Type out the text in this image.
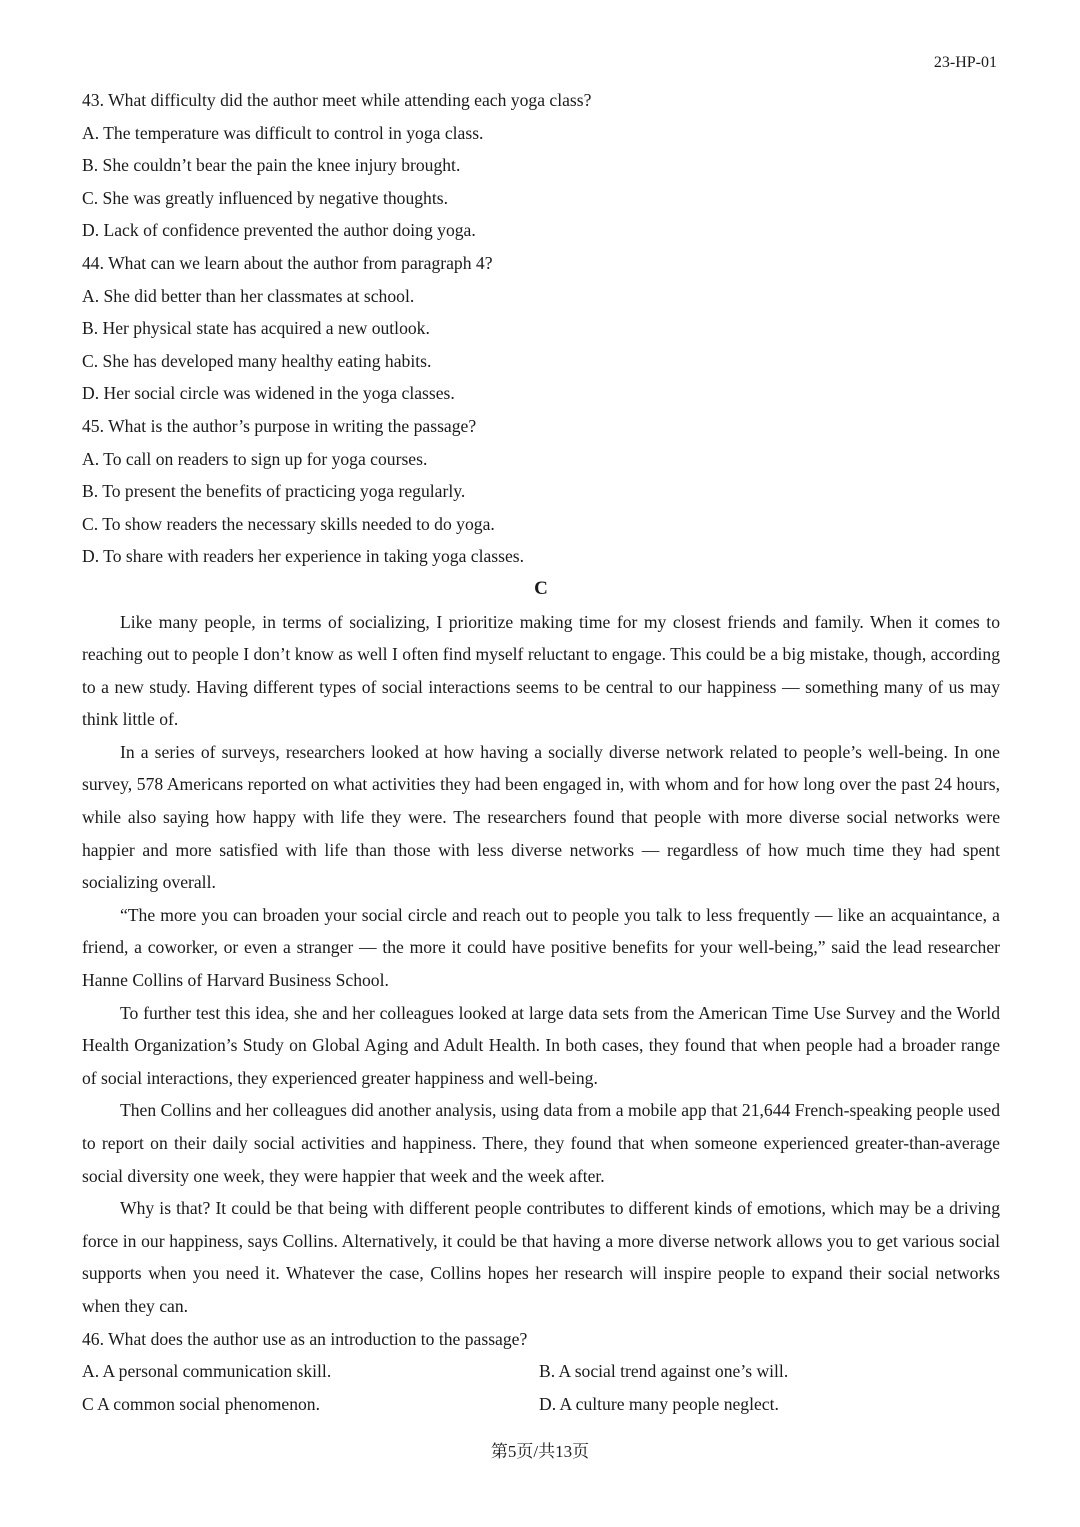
23-HP-01
43. What difficulty did the author meet while attending each yoga class?
A. The temperature was difficult to control in yoga class.
B. She couldn’t bear the pain the knee injury brought.
C. She was greatly influenced by negative thoughts.
D. Lack of confidence prevented the author doing yoga.
44. What can we learn about the author from paragraph 4?
A. She did better than her classmates at school.
B. Her physical state has acquired a new outlook.
C. She has developed many healthy eating habits.
D. Her social circle was widened in the yoga classes.
45. What is the author’s purpose in writing the passage?
A. To call on readers to sign up for yoga courses.
B. To present the benefits of practicing yoga regularly.
C. To show readers the necessary skills needed to do yoga.
D. To share with readers her experience in taking yoga classes.
C

Like many people, in terms of socializing, I prioritize making time for my closest friends and family. When it comes to reaching out to people I don’t know as well I often find myself reluctant to engage. This could be a big mistake, though, according to a new study. Having different types of social interactions seems to be central to our happiness — something many of us may think little of.

In a series of surveys, researchers looked at how having a socially diverse network related to people’s well-being. In one survey, 578 Americans reported on what activities they had been engaged in, with whom and for how long over the past 24 hours, while also saying how happy with life they were. The researchers found that people with more diverse social networks were happier and more satisfied with life than those with less diverse networks — regardless of how much time they had spent socializing overall.

“The more you can broaden your social circle and reach out to people you talk to less frequently — like an acquaintance, a friend, a coworker, or even a stranger — the more it could have positive benefits for your well-being,” said the lead researcher Hanne Collins of Harvard Business School.

To further test this idea, she and her colleagues looked at large data sets from the American Time Use Survey and the World Health Organization’s Study on Global Aging and Adult Health. In both cases, they found that when people had a broader range of social interactions, they experienced greater happiness and well-being.

Then Collins and her colleagues did another analysis, using data from a mobile app that 21,644 French-speaking people used to report on their daily social activities and happiness. There, they found that when someone experienced greater-than-average social diversity one week, they were happier that week and the week after.

Why is that? It could be that being with different people contributes to different kinds of emotions, which may be a driving force in our happiness, says Collins. Alternatively, it could be that having a more diverse network allows you to get various social supports when you need it. Whatever the case, Collins hopes her research will inspire people to expand their social networks when they can.

46. What does the author use as an introduction to the passage?
A. A personal communication skill.	B. A social trend against one’s will.
C A common social phenomenon.	D. A culture many people neglect.
第5页/共13页
